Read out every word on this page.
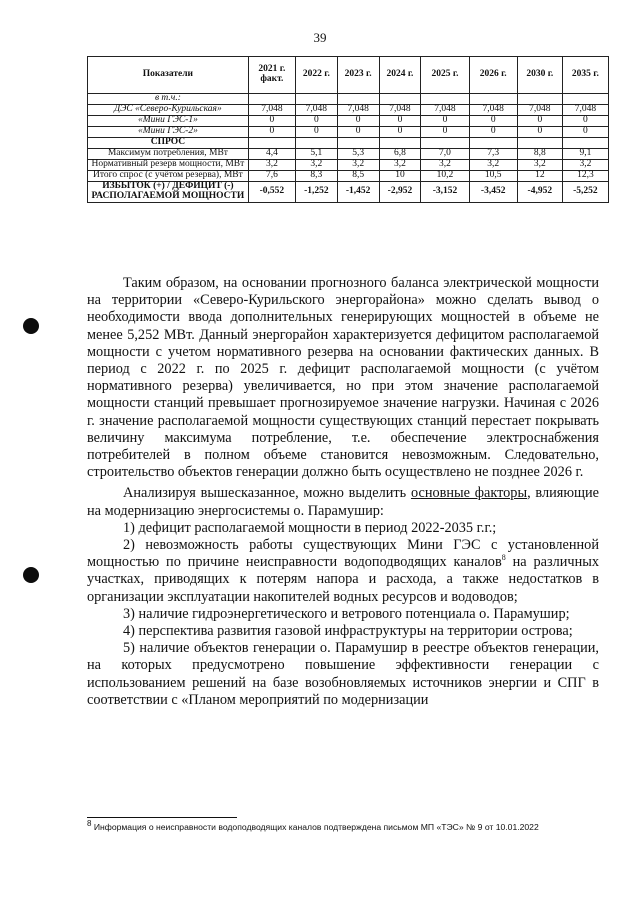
39
Показатели	2021 г. факт.	2022 г.	2023 г.	2024 г.	2025 г.	2026 г.	2030 г.	2035 г.
в т.ч.:								
ДЭС «Северо-Курильская»	7,048	7,048	7,048	7,048	7,048	7,048	7,048	7,048
«Мини ГЭС-1»	0	0	0	0	0	0	0	0
«Мини ГЭС-2»	0	0	0	0	0	0	0	0
СПРОС								
Максимум потребления, МВт	4,4	5,1	5,3	6,8	7,0	7,3	8,8	9,1
Нормативный резерв мощности, МВт	3,2	3,2	3,2	3,2	3,2	3,2	3,2	3,2
Итого спрос (с учётом резерва), МВт	7,6	8,3	8,5	10	10,2	10,5	12	12,3
ИЗБЫТОК (+) / ДЕФИЦИТ (-) РАСПОЛАГАЕМОЙ МОЩНОСТИ	-0,552	-1,252	-1,452	-2,952	-3,152	-3,452	-4,952	-5,252

Таким образом, на основании прогнозного баланса электрической мощности на территории «Северо-Курильского энергорайона» можно сделать вывод о необходимости ввода дополнительных генерирующих мощностей в объеме не менее 5,252 МВт. Данный энергорайон характеризуется дефицитом располагаемой мощности с учетом нормативного резерва на основании фактических данных. В период с 2022 г. по 2025 г. дефицит располагаемой мощности (с учётом нормативного резерва) увеличивается, но при этом значение располагаемой мощности станций превышает прогнозируемое значение нагрузки. Начиная с 2026 г. значение располагаемой мощности существующих станций перестает покрывать величину максимума потребление, т.е. обеспечение электроснабжения потребителей в полном объеме становится невозможным. Следовательно, строительство объектов генерации должно быть осуществлено не позднее 2026 г.

Анализируя вышесказанное, можно выделить основные факторы, влияющие на модернизацию энергосистемы о. Парамушир:

1) дефицит располагаемой мощности в период 2022-2035 г.г.;

2) невозможность работы существующих Мини ГЭС с установленной мощностью по причине неисправности водоподводящих каналов$^8$ на различных участках, приводящих к потерям напора и расхода, а также недостатков в организации эксплуатации накопителей водных ресурсов и водоводов;

3) наличие гидроэнергетического и ветрового потенциала о. Парамушир;

4) перспектива развития газовой инфраструктуры на территории острова;

5) наличие объектов генерации о. Парамушир в реестре объектов генерации, на которых предусмотрено повышение эффективности генерации с использованием решений на базе возобновляемых источников энергии и СПГ в соответствии с «Планом мероприятий по модернизации

$^8$ Информация о неисправности водоподводящих каналов подтверждена письмом МП «ТЭС» № 9 от 10.01.2022
